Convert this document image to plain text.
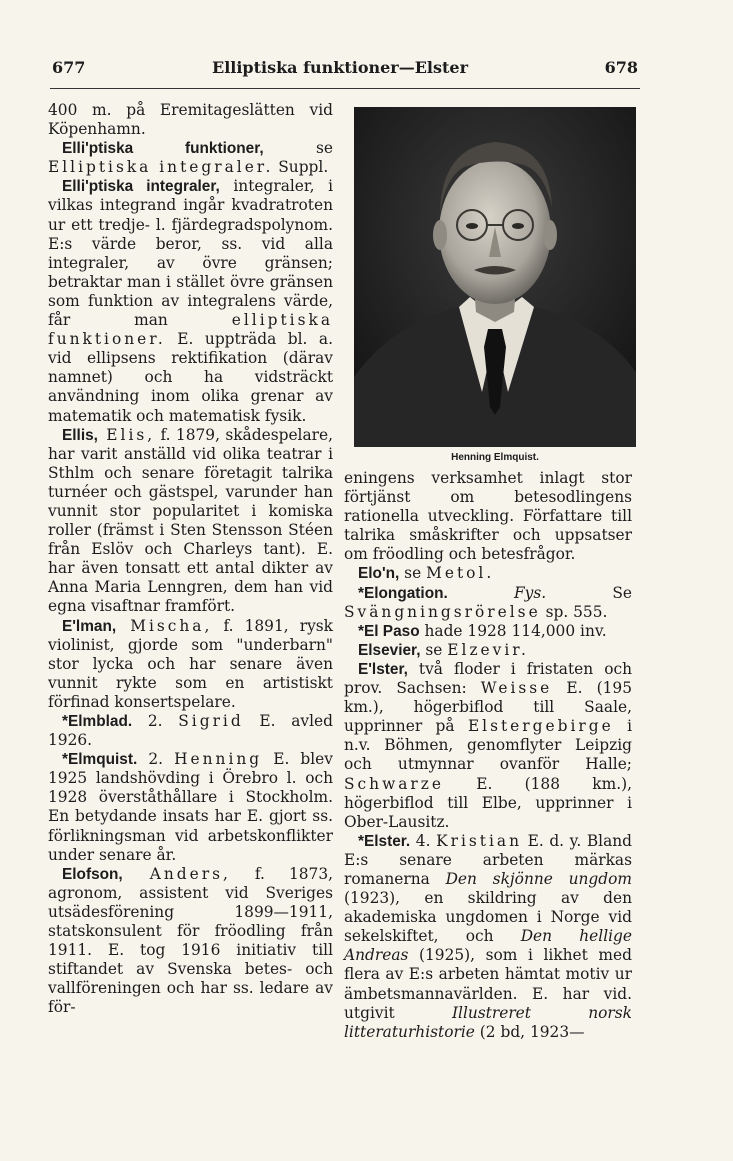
677	Elliptiska funktioner—Elster	678

400 m. på Eremitageslätten vid Köpenhamn.

Elli'ptiska funktioner, se Elliptiska integraler. Suppl.

Elli'ptiska integraler, integraler, i vilkas integrand ingår kvadratroten ur ett tredje- l. fjärdegradspolynom. E:s värde beror, ss. vid alla integraler, av övre gränsen; betraktar man i stället övre gränsen som funktion av integralens värde, får man elliptiska funktioner. E. uppträda bl. a. vid ellipsens rektifikation (därav namnet) och ha vidsträckt användning inom olika grenar av matematik och matematisk fysik.

Ellis, Elis, f. 1879, skådespelare, har varit anställd vid olika teatrar i Sthlm och senare företagit talrika turnéer och gästspel, varunder han vunnit stor popularitet i komiska roller (främst i Sten Stensson Stéen från Eslöv och Charleys tant). E. har även tonsatt ett antal dikter av Anna Maria Lenngren, dem han vid egna visaftnar framfört.

E'lman, Mischa, f. 1891, rysk violinist, gjorde som "underbarn" stor lycka och har senare även vunnit rykte som en artistiskt förfinad konsertspelare.

*Elmblad. 2. Sigrid E. avled 1926.

*Elmquist. 2. Henning E. blev 1925 landshövding i Örebro l. och 1928 överståthållare i Stockholm. En betydande insats har E. gjort ss. förlikningsman vid arbetskonflikter under senare år.

Elofson, Anders, f. 1873, agronom, assistent vid Sveriges utsädesförening 1899—1911, statskonsulent för fröodling från 1911. E. tog 1916 initiativ till stiftandet av Svenska betes- och vallföreningen och har ss. ledare av för-

Henning Elmquist.

eningens verksamhet inlagt stor förtjänst om betesodlingens rationella utveckling. Författare till talrika småskrifter och uppsatser om fröodling och betesfrågor.

Elo'n, se Metol.

*Elongation. Fys. Se Svängningsrörelse sp. 555.

*El Paso hade 1928 114,000 inv.

Elsevier, se Elzevir.

E'lster, två floder i fristaten och prov. Sachsen: Weisse E. (195 km.), högerbiflod till Saale, upprinner på Elstergebirge i n.v. Böhmen, genomflyter Leipzig och utmynnar ovanför Halle; Schwarze E. (188 km.), högerbiflod till Elbe, upprinner i Ober-Lausitz.

*Elster. 4. Kristian E. d. y. Bland E:s senare arbeten märkas romanerna Den skjönne ungdom (1923), en skildring av den akademiska ungdomen i Norge vid sekelskiftet, och Den hellige Andreas (1925), som i likhet med flera av E:s arbeten hämtat motiv ur ämbetsmannavärlden. E. har vid. utgivit Illustreret norsk litteraturhistorie (2 bd, 1923—
